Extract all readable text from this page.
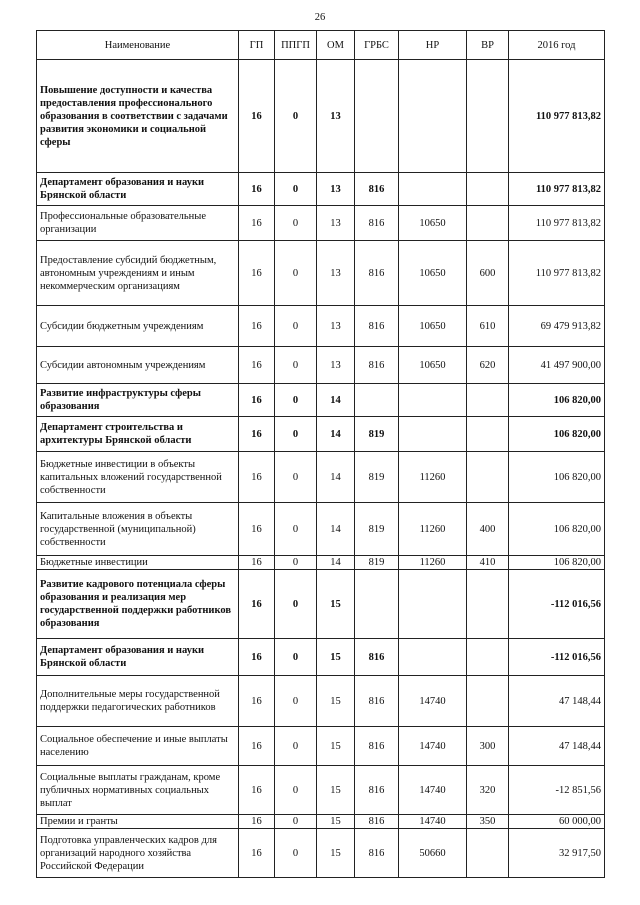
26
Наименование	ГП	ППГП	ОМ	ГРБС	НР	ВР	2016 год
Повышение доступности и качества предоставления профессионального образования в соответствии с задачами развития экономики и социальной сферы	16	0	13				110 977 813,82
Департамент образования и науки Брянской области	16	0	13	816			110 977 813,82
Профессиональные образовательные организации	16	0	13	816	10650		110 977 813,82
Предоставление субсидий бюджетным, автономным учреждениям и иным некоммерческим организациям	16	0	13	816	10650	600	110 977 813,82
Субсидии бюджетным учреждениям	16	0	13	816	10650	610	69 479 913,82
Субсидии автономным учреждениям	16	0	13	816	10650	620	41 497 900,00
Развитие инфраструктуры сферы образования	16	0	14				106 820,00
Департамент строительства и архитектуры Брянской области	16	0	14	819			106 820,00
Бюджетные инвестиции в объекты капитальных вложений государственной собственности	16	0	14	819	11260		106 820,00
Капитальные вложения в объекты государственной (муниципальной) собственности	16	0	14	819	11260	400	106 820,00
Бюджетные инвестиции	16	0	14	819	11260	410	106 820,00
Развитие кадрового потенциала сферы образования и реализация мер государственной поддержки работников образования	16	0	15				-112 016,56
Департамент образования и науки Брянской области	16	0	15	816			-112 016,56
Дополнительные меры государственной поддержки педагогических работников	16	0	15	816	14740		47 148,44
Социальное обеспечение и иные выплаты населению	16	0	15	816	14740	300	47 148,44
Социальные выплаты гражданам, кроме публичных нормативных социальных выплат	16	0	15	816	14740	320	-12 851,56
Премии и гранты	16	0	15	816	14740	350	60 000,00
Подготовка управленческих кадров для организаций народного хозяйства Российской Федерации	16	0	15	816	50660		32 917,50
